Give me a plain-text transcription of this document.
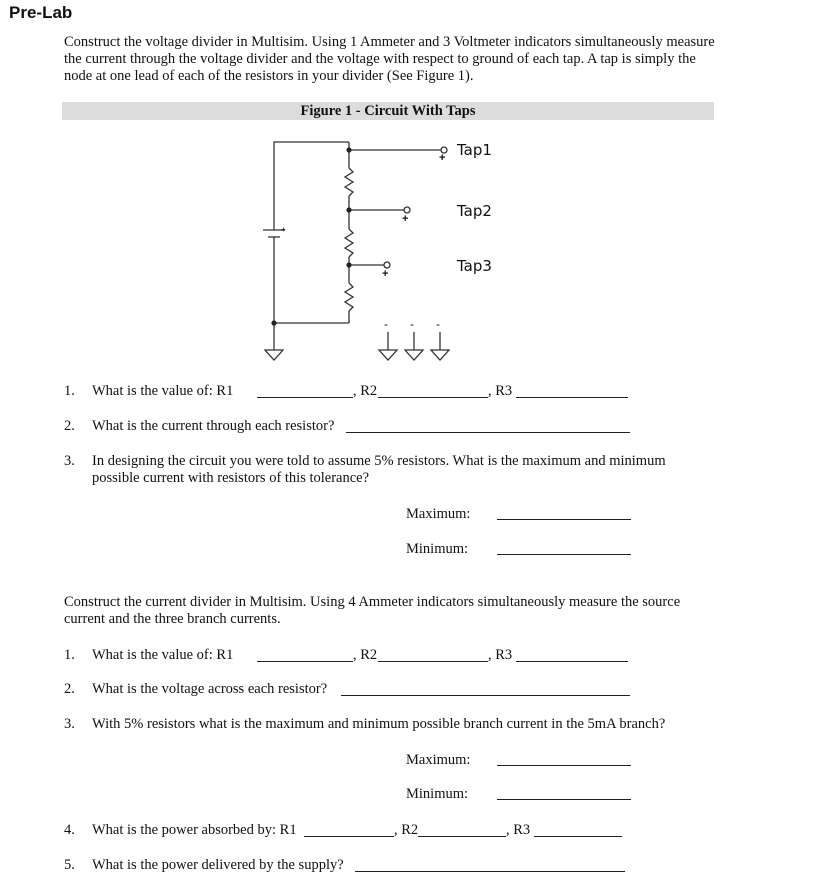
Pre-Lab
Construct the voltage divider in Multisim. Using 1 Ammeter and 3 Voltmeter indicators simultaneously measure the current through the voltage divider and the voltage with respect to ground of each tap. A tap is simply the node at one lead of each of the resistors in your divider (See Figure 1).
Figure 1 - Circuit With Taps
Tap1
Tap2
Tap3
+
+
+
+
- - -
1. What is the value of: R1	, R2	, R3
2. What is the current through each resistor?
3. In designing the circuit you were told to assume 5% resistors. What is the maximum and minimum possible current with resistors of this tolerance?
Maximum:
Minimum:
Construct the current divider in Multisim. Using 4 Ammeter indicators simultaneously measure the source current and the three branch currents.
1. What is the value of: R1	, R2	, R3
2. What is the voltage across each resistor?
3. With 5% resistors what is the maximum and minimum possible branch current in the 5mA branch?
Maximum:
Minimum:
4. What is the power absorbed by: R1	, R2	, R3
5. What is the power delivered by the supply?
